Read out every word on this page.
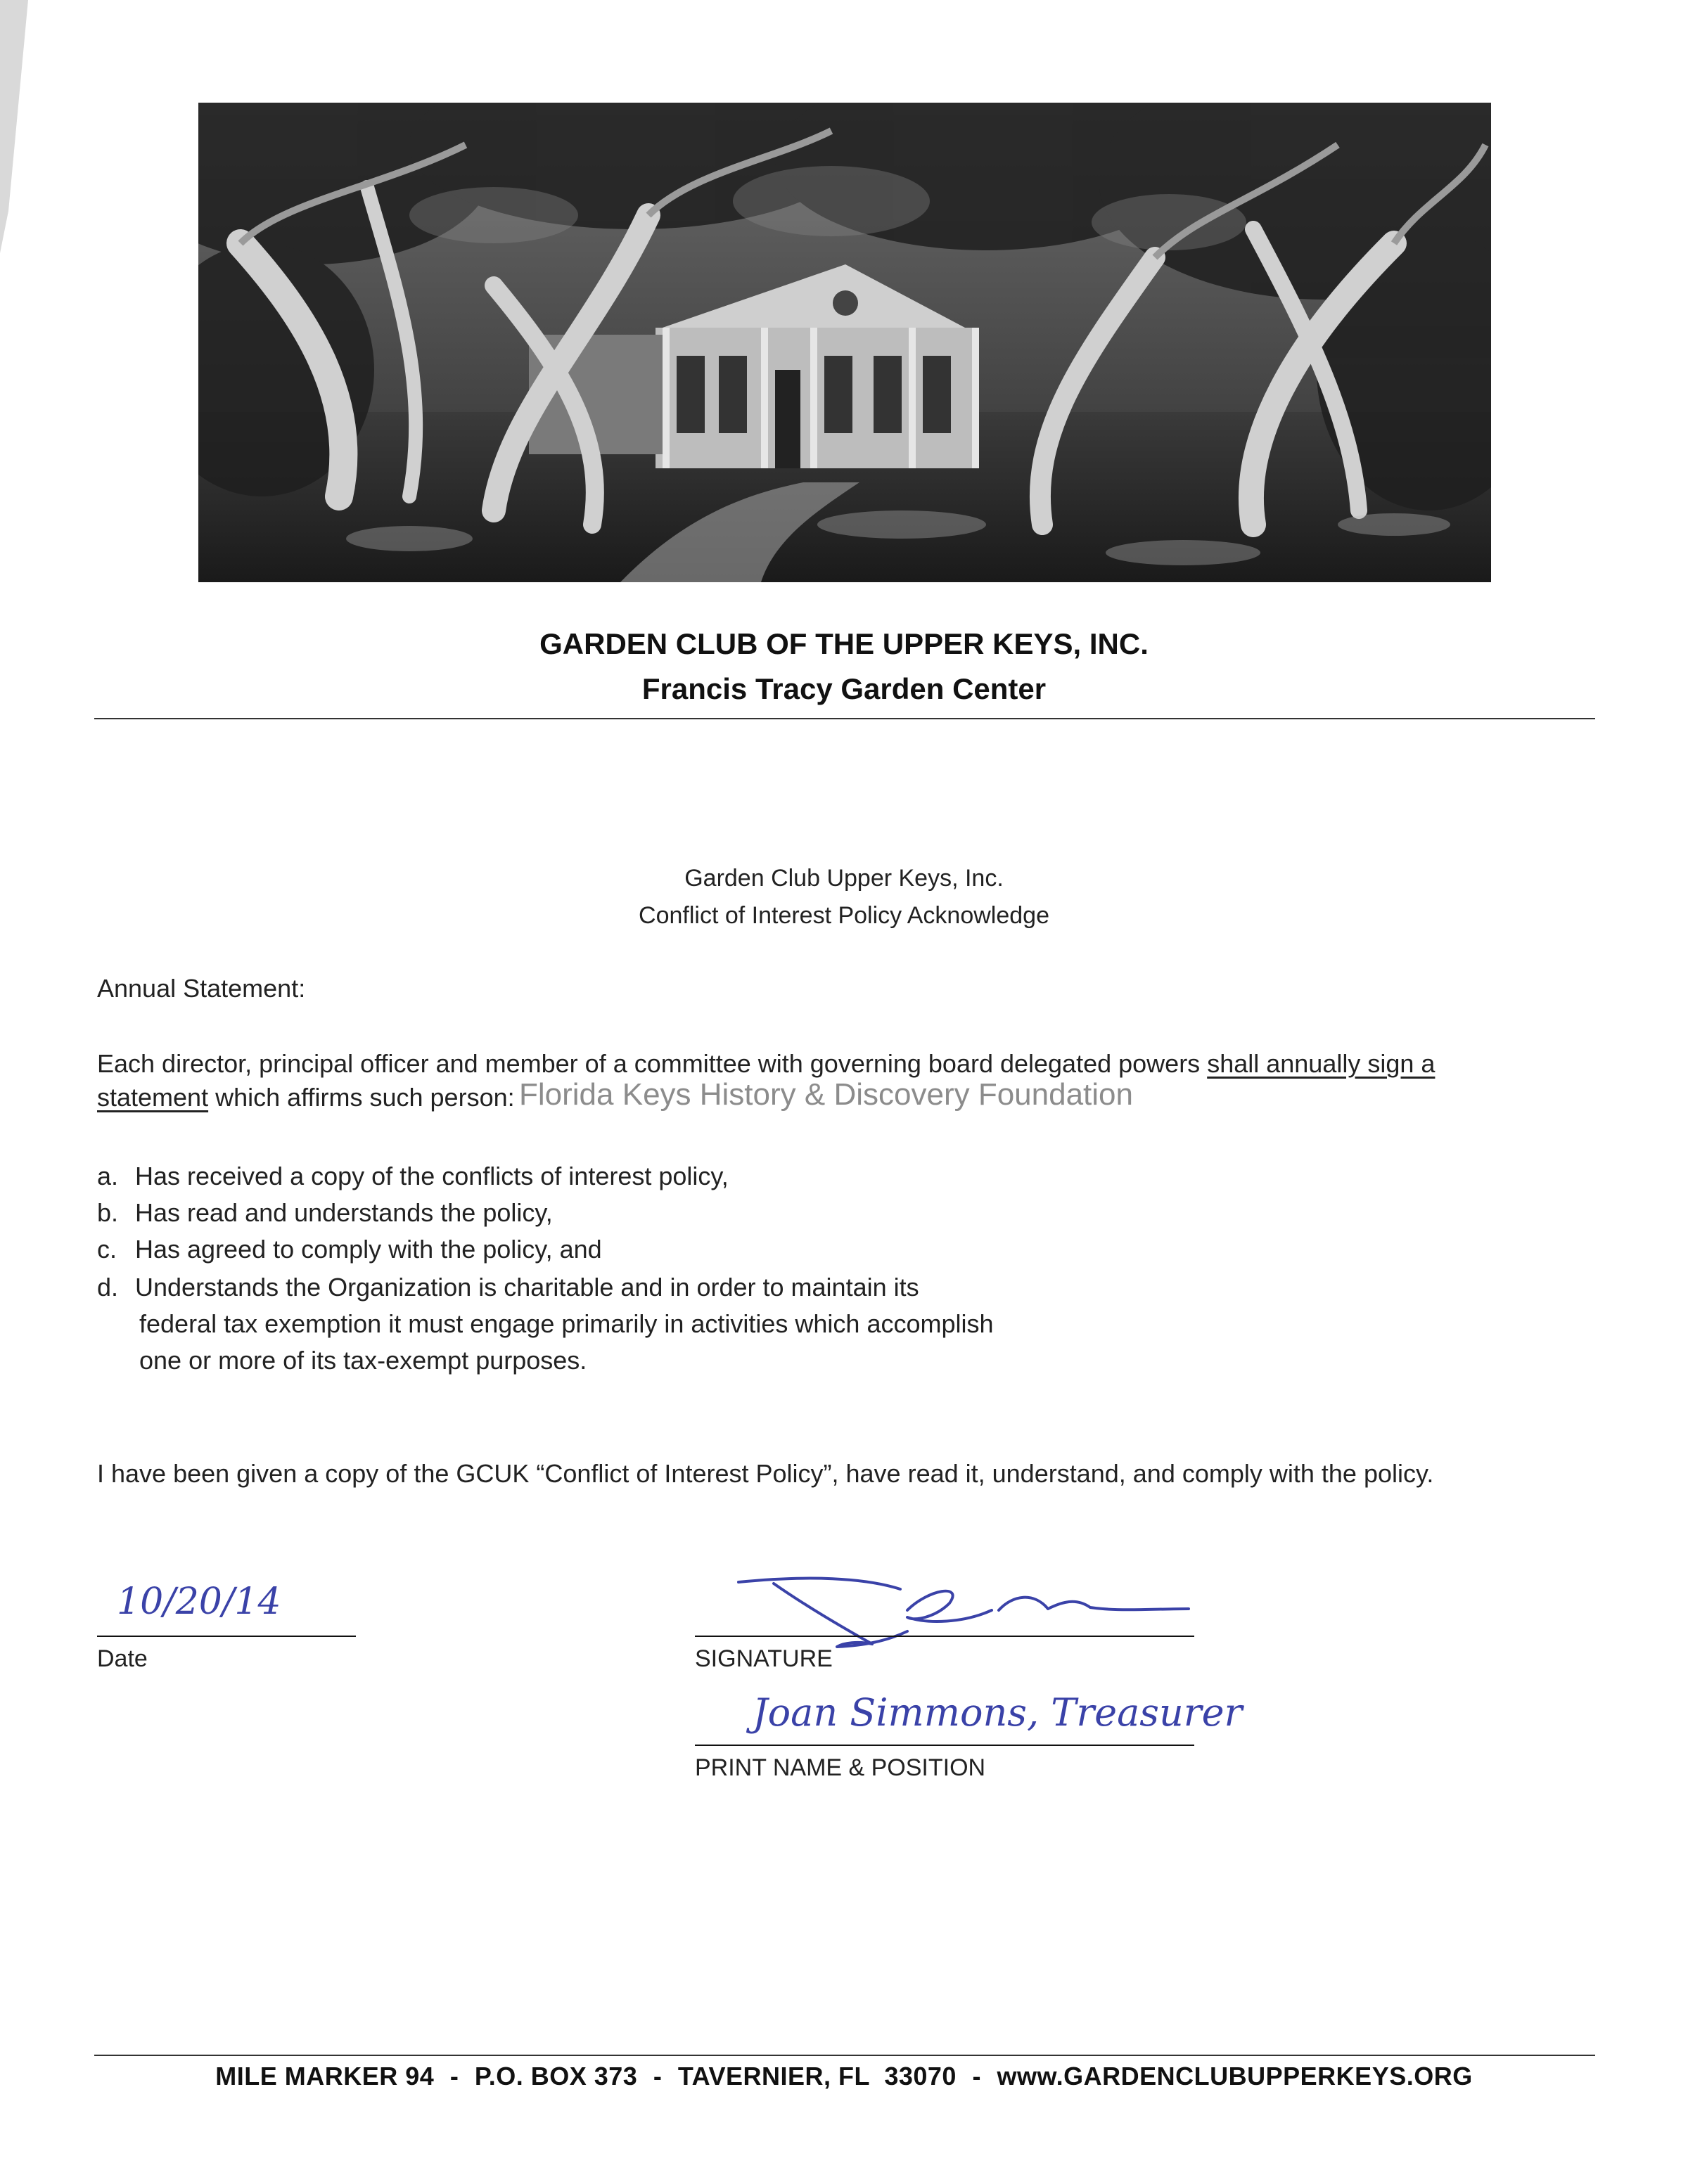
GARDEN CLUB OF THE UPPER KEYS, INC.
Francis Tracy Garden Center
Garden Club Upper Keys, Inc.
Conflict of Interest Policy Acknowledge
Annual Statement:
Each director, principal officer and member of a committee with governing board delegated powers shall annually sign a
statement which affirms such person: Florida Keys History & Discovery Foundation
a. Has received a copy of the conflicts of interest policy,
b. Has read and understands the policy,
c. Has agreed to comply with the policy, and
d. Understands the Organization is charitable and in order to maintain its
federal tax exemption it must engage primarily in activities which accomplish
one or more of its tax-exempt purposes.
I have been given a copy of the GCUK “Conflict of Interest Policy”, have read it, understand, and comply with the policy.
10/20/14
Date	SIGNATURE
Joan Simmons, Treasurer
PRINT NAME & POSITION
MILE MARKER 94 - P.O. BOX 373 - TAVERNIER, FL  33070 - www.GARDENCLUBUPPERKEYS.ORG
